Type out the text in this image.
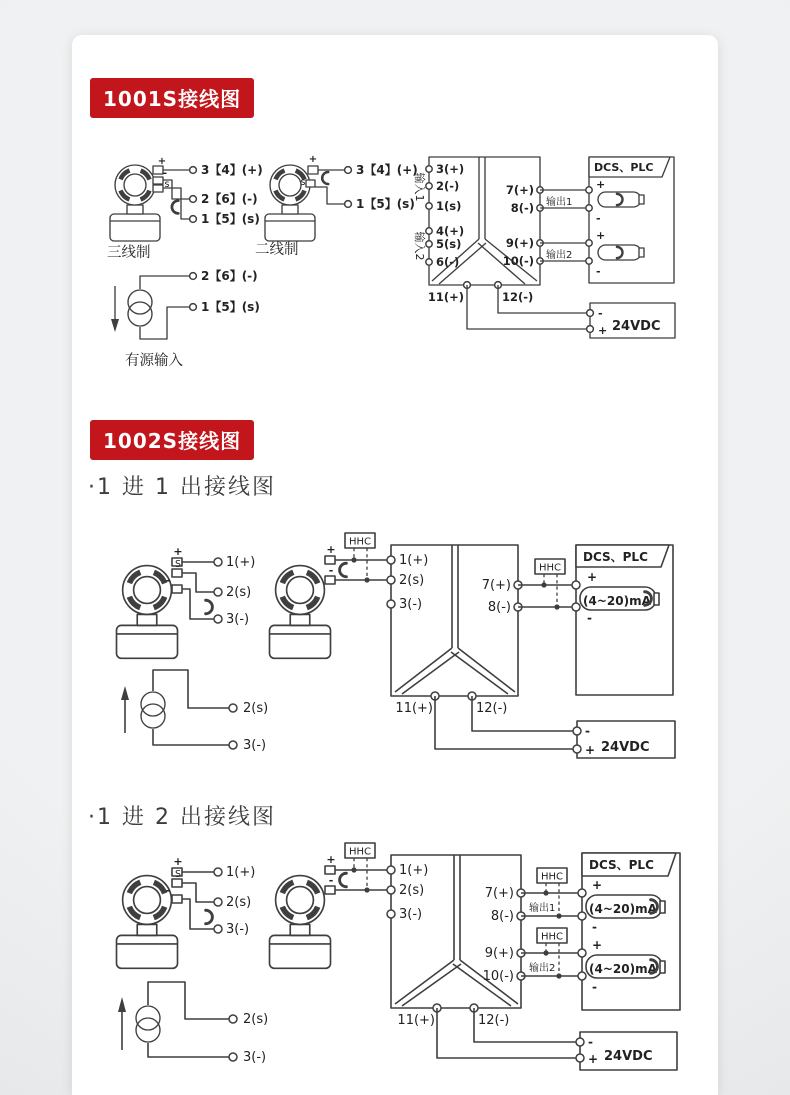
1001S接线图
+
-
s
3【4】(+)
2【6】(-)
1【5】(s)
三线制
+
s
3【4】(+)
1【5】(s)
二线制
2【6】(-)
1【5】(s)
有源输入
3(+)
2(-)
1(s)
4(+)
5(s)
6(-)
输入1
输入2
7(+)
8(-)
9(+)
10(-)
输出1
输出2
11(+)	12(-)
DCS、PLC
+
-
+
-
-
+ 24VDC
1002S接线图
·1 进 1 出接线图
+
S
-
1(+)
2(s)
3(-)
+
-
HHC
1(+)
2(s)
3(-)
7(+)
8(-)
11(+)	12(-)
HHC
DCS、PLC
+
(4~20)mA
-
-
+ 24VDC
2(s)
3(-)
·1 进 2 出接线图
+
S
-
1(+)
2(s)
3(-)
+
-
HHC
1(+)
2(s)
3(-)
7(+)
8(-)
9(+)
10(-)
11(+)	12(-)
输出1
输出2
HHC
HHC
DCS、PLC
+
(4~20)mA
-
+
(4~20)mA
-
-
+ 24VDC
2(s)
3(-)
